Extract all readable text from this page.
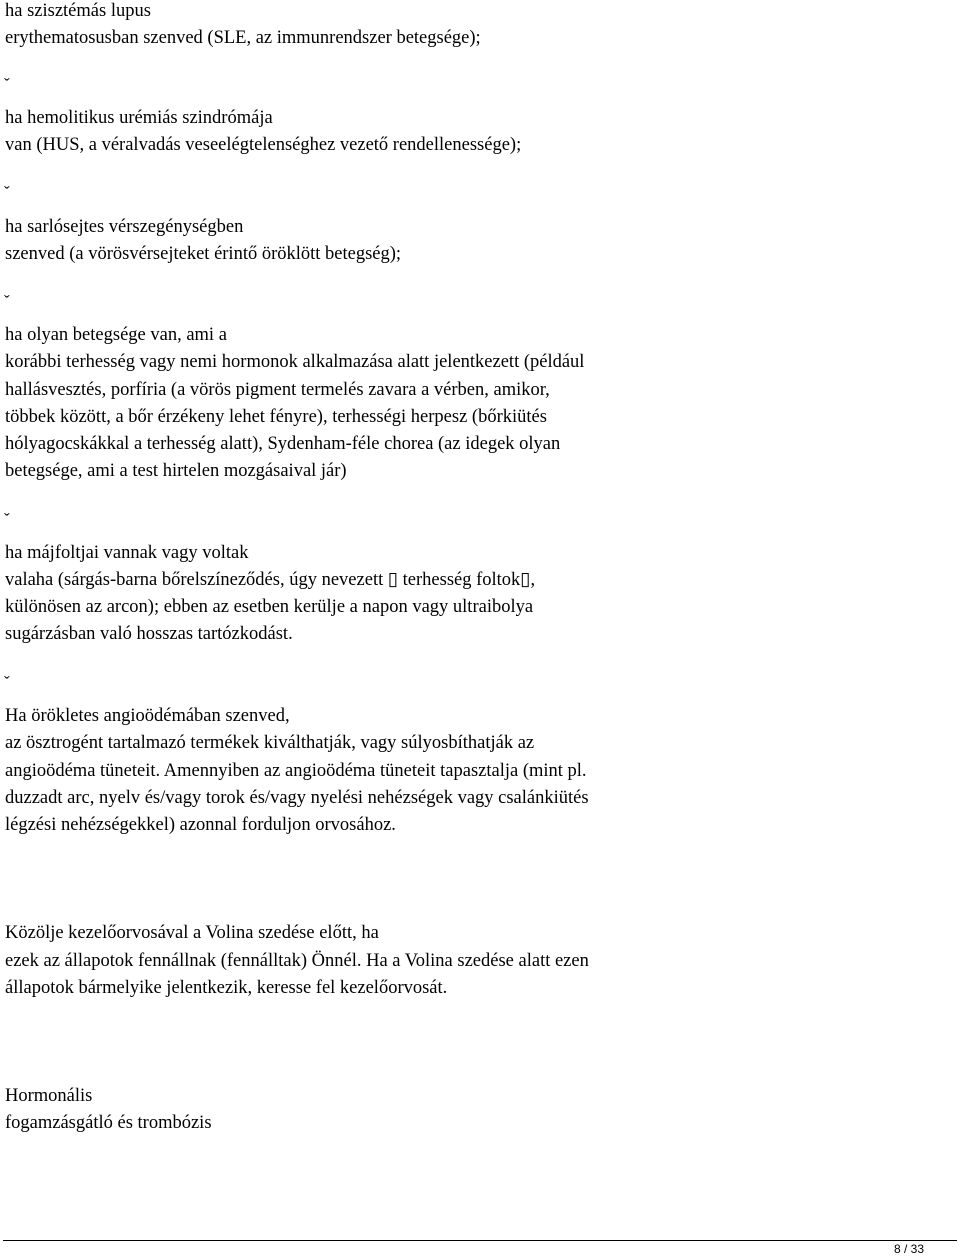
ha szisztémás lupus
erythematosusban szenved (SLE, az immunrendszer betegsége);
ˇ
ha hemolitikus urémiás szindrómája
van (HUS, a véralvadás veseelégtelenséghez vezető rendellenessége);
ˇ
ha sarlósejtes vérszegénységben
szenved (a vörösvérsejteket érintő öröklött betegség);
ˇ
ha olyan betegsége van, ami a
korábbi terhesség vagy nemi hormonok alkalmazása alatt jelentkezett (például
hallásvesztés, porfíria (a vörös pigment termelés zavara a vérben, amikor,
többek között, a bőr érzékeny lehet fényre), terhességi herpesz (bőrkiütés
hólyagocskákkal a terhesség alatt), Sydenham-féle chorea (az idegek olyan
betegsége, ami a test hirtelen mozgásaival jár)
ˇ
ha májfoltjai vannak vagy voltak
valaha (sárgás-barna bőrelszíneződés, úgy nevezett ▯ terhesség foltok▯,
különösen az arcon); ebben az esetben kerülje a napon vagy ultraibolya
sugárzásban való hosszas tartózkodást.
ˇ
Ha örökletes angioödémában szenved,
az ösztrogént tartalmazó termékek kiválthatják, vagy súlyosbíthatják az
angioödéma tüneteit. Amennyiben az angioödéma tüneteit tapasztalja (mint pl.
duzzadt arc, nyelv és/vagy torok és/vagy nyelési nehézségek vagy csalánkiütés
légzési nehézségekkel) azonnal forduljon orvosához.
Közölje kezelőorvosával a Volina szedése előtt, ha
ezek az állapotok fennállnak (fennálltak) Önnél. Ha a Volina szedése alatt ezen
állapotok bármelyike jelentkezik, keresse fel kezelőorvosát.
Hormonális
fogamzásgátló és trombózis
8 / 33
